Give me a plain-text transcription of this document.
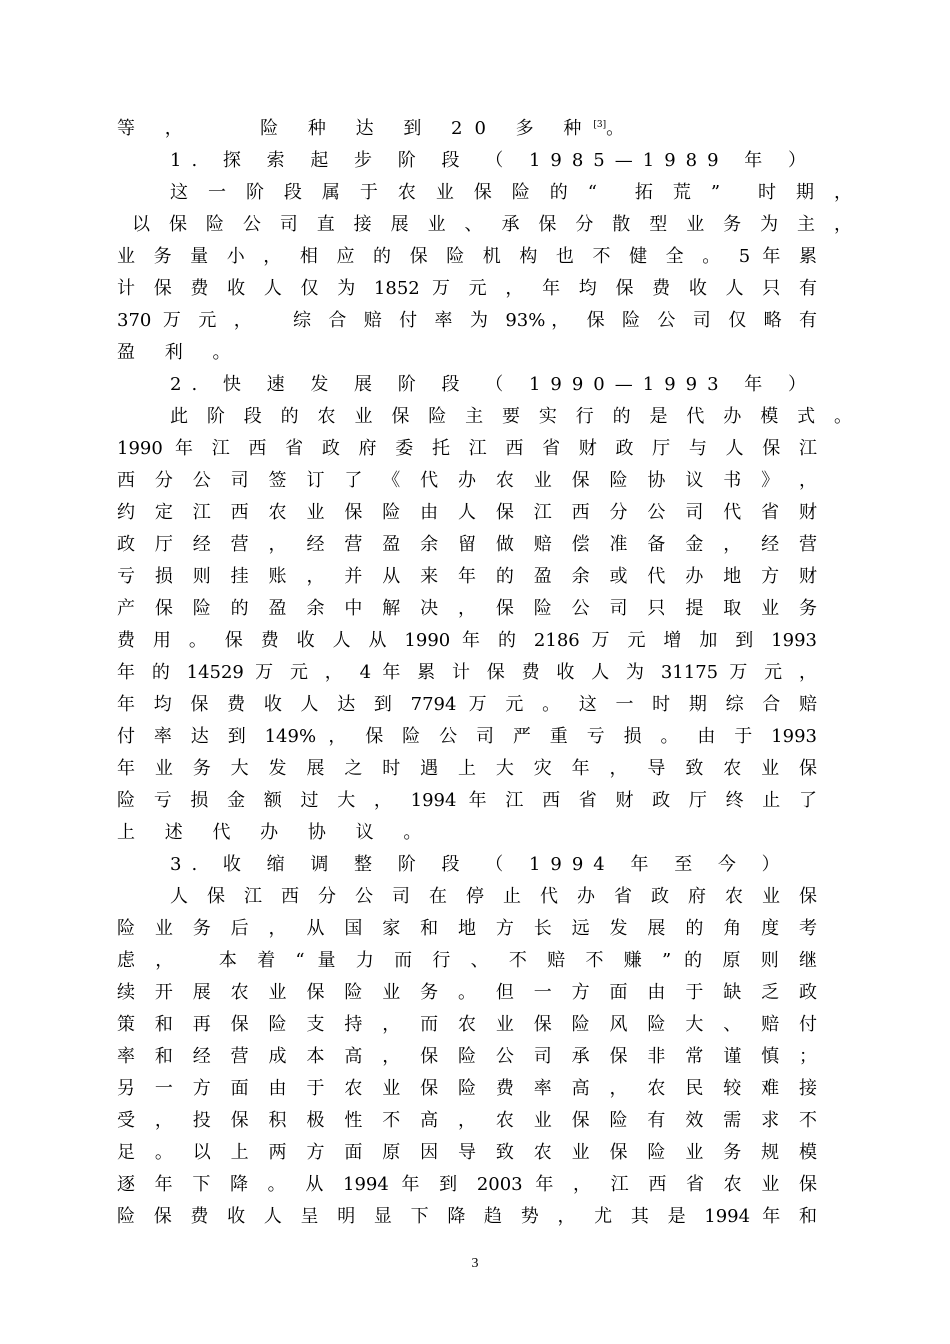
等 ， 　 险 种 达 到 20 多 种[3]。
1. 探 索 起 步 阶 段 （ 1985—1989 年 ）
这 一 阶 段 属 于 农 业 保 险 的 “ 　拓 荒 ” 　时 期 ，
以 保 险 公 司 直 接 展 业 、 承 保 分 散 型 业 务 为 主 ，
业 务 量 小 ， 相 应 的 保 险 机 构 也 不 健 全 。 5 年 累
计 保 费 收 人 仅 为 1852 万 元 ， 年 均 保 费 收 人 只 有
370 万 元 ， 　综 合 赔 付 率 为 93%， 保 险 公 司 仅 略 有
盈 利 。
2. 快 速 发 展 阶 段 （ 1990—1993 年 ）
此 阶 段 的 农 业 保 险 主 要 实 行 的 是 代 办 模 式 。
1990 年 江 西 省 政 府 委 托 江 西 省 财 政 厅 与 人 保 江
西 分 公 司 签 订 了 《 代 办 农 业 保 险 协 议 书 》 ，
约 定 江 西 农 业 保 险 由 人 保 江 西 分 公 司 代 省 财
政 厅 经 营 ， 经 营 盈 余 留 做 赔 偿 准 备 金 ， 经 营
亏 损 则 挂 账 ， 并 从 来 年 的 盈 余 或 代 办 地 方 财
产 保 险 的 盈 余 中 解 决 ， 保 险 公 司 只 提 取 业 务
费 用 。 保 费 收 人 从 1990 年 的 2186 万 元 增 加 到 1993
年 的 14529 万 元 ， 4 年 累 计 保 费 收 人 为 31175 万 元 ，
年 均 保 费 收 人 达 到 7794 万 元 。 这 一 时 期 综 合 赔
付 率 达 到 149% ， 保 险 公 司 严 重 亏 损 。 由 于 1993
年 业 务 大 发 展 之 时 遇 上 大 灾 年 ， 导 致 农 业 保
险 亏 损 金 额 过 大 ， 1994 年 江 西 省 财 政 厅 终 止 了
上 述 代 办 协 议 。
3. 收 缩 调 整 阶 段 （ 1994 年 至 今 ）
人 保 江 西 分 公 司 在 停 止 代 办 省 政 府 农 业 保
险 业 务 后 ， 从 国 家 和 地 方 长 远 发 展 的 角 度 考
虑 ， 　本 着 “ 量 力 而 行 、 不 赔 不 赚 ” 的 原 则 继
续 开 展 农 业 保 险 业 务 。 但 一 方 面 由 于 缺 乏 政
策 和 再 保 险 支 持 ， 而 农 业 保 险 风 险 大 、 赔 付
率 和 经 营 成 本 高 ， 保 险 公 司 承 保 非 常 谨 慎 ；
另 一 方 面 由 于 农 业 保 险 费 率 高 ， 农 民 较 难 接
受 ， 投 保 积 极 性 不 高 ， 农 业 保 险 有 效 需 求 不
足 。 以 上 两 方 面 原 因 导 致 农 业 保 险 业 务 规 模
逐 年 下 降 。 从 1994 年 到 2003 年 ， 江 西 省 农 业 保
险 保 费 收 人 呈 明 显 下 降 趋 势 ， 尤 其 是 1994 年 和
3
